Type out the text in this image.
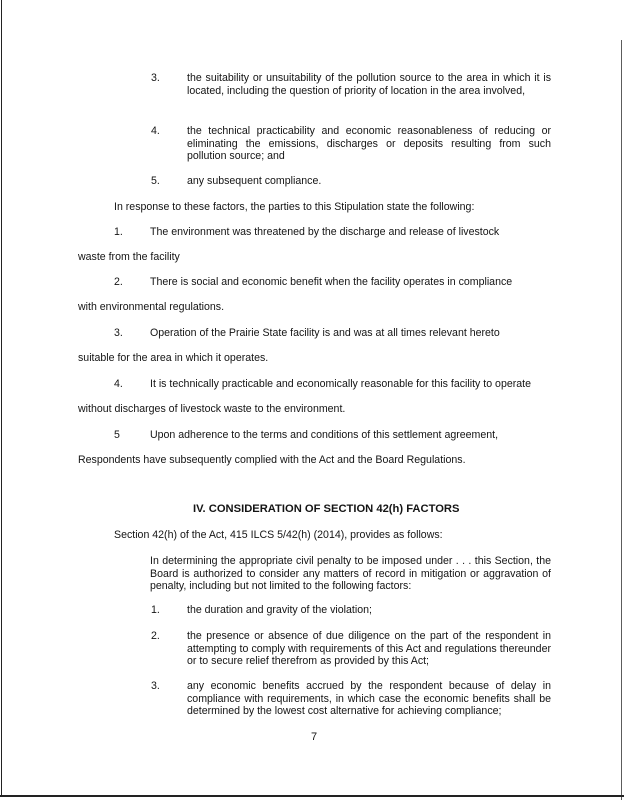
3.	the suitability or unsuitability of the pollution source to the area in which it is located, including the question of priority of location in the area involved,
4.	the technical practicability and economic reasonableness of reducing or eliminating the emissions, discharges or deposits resulting from such pollution source; and
5.	any subsequent compliance.
In response to these factors, the parties to this Stipulation state the following:
1.	The environment was threatened by the discharge and release of livestock
waste from the facility
2.	There is social and economic benefit when the facility operates in compliance
with environmental regulations.
3.	Operation of the Prairie State facility is and was at all times relevant hereto
suitable for the area in which it operates.
4.	It is technically practicable and economically reasonable for this facility to operate
without discharges of livestock waste to the environment.
5	Upon adherence to the terms and conditions of this settlement agreement,
Respondents have subsequently complied with the Act and the Board Regulations.
IV. CONSIDERATION OF SECTION 42(h) FACTORS
Section 42(h) of the Act, 415 ILCS 5/42(h) (2014), provides as follows:
In determining the appropriate civil penalty to be imposed under . . . this Section, the Board is authorized to consider any matters of record in mitigation or aggravation of penalty, including but not limited to the following factors:
1.	the duration and gravity of the violation;
2.	the presence or absence of due diligence on the part of the respondent in attempting to comply with requirements of this Act and regulations thereunder or to secure relief therefrom as provided by this Act;
3.	any economic benefits accrued by the respondent because of delay in compliance with requirements, in which case the economic benefits shall be determined by the lowest cost alternative for achieving compliance;
7
